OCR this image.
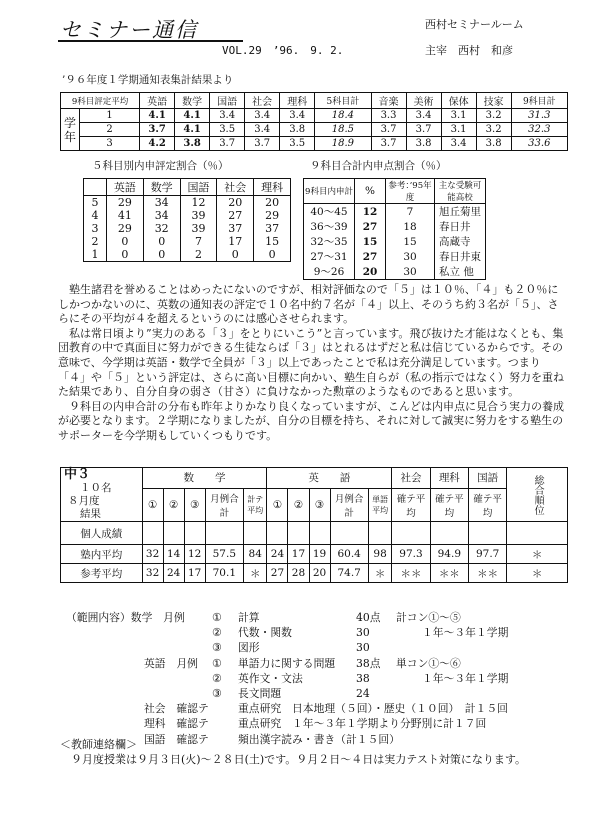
セミナー通信
VOL.29　’96.　9. 2.
西村セミナールーム
主宰　西村　和彦
’９６年度１学期通知表集計結果より
9科目評定平均		英語	数学	国語	社会	理科	5科目計	音楽	美術	保体	技家	9科目計
学
年	1	4.1	4.1	3.4	3.4	3.4	18.4	3.3	3.4	3.1	3.2	31.3
	2	3.7	4.1	3.5	3.4	3.8	18.5	3.7	3.7	3.1	3.2	32.3
	3	4.2	3.8	3.7	3.7	3.5	18.9	3.7	3.8	3.4	3.8	33.6
５科目別内申評定割合（％）	９科目合計内申点割合（％）
	英語	数学	国語	社会	理科
5	29	34	12	20	20
4	41	34	39	27	29
3	29	32	39	37	37
2	0	0	7	17	15
1	0	0	2	0	0
9科目内申計	%	参考：’95年度	主な受験可能高校
40～45	12	7	旭丘菊里
36～39	27	18	春日井
32～35	15	15	高蔵寺
27～31	27	30	春日井東
9～26	20	30	私立 他

塾生諸君を誉めることはめったにないのですが、相対評価なので「５」は１０％、「４」も２０％にしかつかないのに、英数の通知表の評定で１０名中約７名が「４」以上、そのうち約３名が「５」、さらにその平均が４を超えるというのには感心させられます。

私は常日頃より”実力のある「３」をとりにいこう”と言っています。飛び抜けた才能はなくとも、集団教育の中で真面目に努力ができる生徒ならば「３」はとれるはずだと私は信じているからです。その意味で、今学期は英語・数学で全員が「３」以上であったことで私は充分満足しています。つまり「４」や「５」という評定は、さらに高い目標に向かい、塾生自らが（私の指示ではなく）努力を重ねた結果であり、自分自身の弱さ（甘さ）に負けなかった勲章のようなものであると思います。

９科目の内申合計の分布も昨年よりかなり良くなっていますが、こんどは内申点に見合う実力の養成が必要となります。２学期になりましたが、自分の目標を持ち、それに対して誠実に努力をする塾生のサポーターを今学期もしていくつもりです。

中３
１０名
８月度
結果	数　　学					英　　語					社会	理科	国語	総合順位
	①	②	③	月例合計	計テ平均	①	②	③	月例合計	単語平均	確テ平均	確テ平均	確テ平均	
個人成績														
塾内平均	32	14	12	57.5	84	24	17	19	60.4	98	97.3	94.9	97.7	＊
参考平均	32	24	17	70.1	＊	27	28	20	74.7	＊	＊＊	＊＊	＊＊	＊
（範囲内容）数学　月例	① 計算	40点 計コン①～⑤
② 代数・関数	30	１年～３年１学期
③ 図形	30
英語　月例 ① 単語力に関する問題 38点 単コン①～⑥
② 英作文・文法	38	１年～３年１学期
③ 長文問題	24
社会　確認テ	重点研究　日本地理（５回）・歴史（１０回）　計１５回
理科　確認テ	重点研究　１年～３年１学期より分野別に計１７回
国語　確認テ	頻出漢字読み・書き（計１５回）
＜教師連絡欄＞
９月度授業は９月３日(火)～２８日(土)です。９月２日～４日は実力テスト対策になります。
